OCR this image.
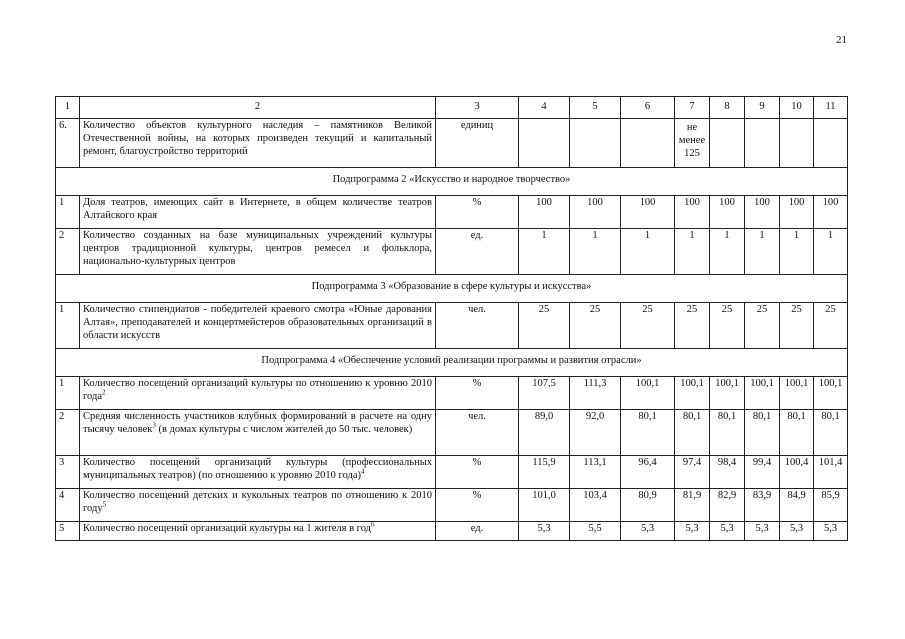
21
1	2	3	4	5	6	7	8	9	10	11
6.	Количество объектов культурного наследия – памятников Великой Отечественной войны, на которых произведен текущий и капитальный ремонт, благоустройство территорий	единиц				не менее 125				
Подпрограмма 2 «Искусство и народное творчество»										
1	Доля театров, имеющих сайт в Интернете, в общем количестве театров Алтайского края	%	100	100	100	100	100	100	100	100
2	Количество созданных на базе муниципальных учреждений культуры центров традиционной культуры, центров ремесел и фольклора, национально-культурных центров	ед.	1	1	1	1	1	1	1	1
Подпрограмма 3 «Образование в сфере культуры и искусства»										
1	Количество стипендиатов - победителей краевого смотра «Юные дарования Алтая», преподавателей и концертмейстеров образовательных организаций в области искусств	чел.	25	25	25	25	25	25	25	25
Подпрограмма 4 «Обеспечение условий реализации программы и развития отрасли»										
1	Количество посещений организаций культуры по отношению к уровню 2010 года$^2$	%	107,5	111,3	100,1	100,1	100,1	100,1	100,1	100,1
2	Средняя численность участников клубных формирований в расчете на одну тысячу человек$^3$ (в домах культуры с числом жителей до 50 тыс. человек)	чел.	89,0	92,0	80,1	80,1	80,1	80,1	80,1	80,1
3	Количество посещений организаций культуры (профессиональных муниципальных театров) (по отношению к уровню 2010 года)$^4$	%	115,9	113,1	96,4	97,4	98,4	99,4	100,4	101,4
4	Количество посещений детских и кукольных театров по отношению к 2010 году$^5$	%	101,0	103,4	80,9	81,9	82,9	83,9	84,9	85,9
5	Количество посещений организаций культуры на 1 жителя в год$^6$	ед.	5,3	5,5	5,3	5,3	5,3	5,3	5,3	5,3
